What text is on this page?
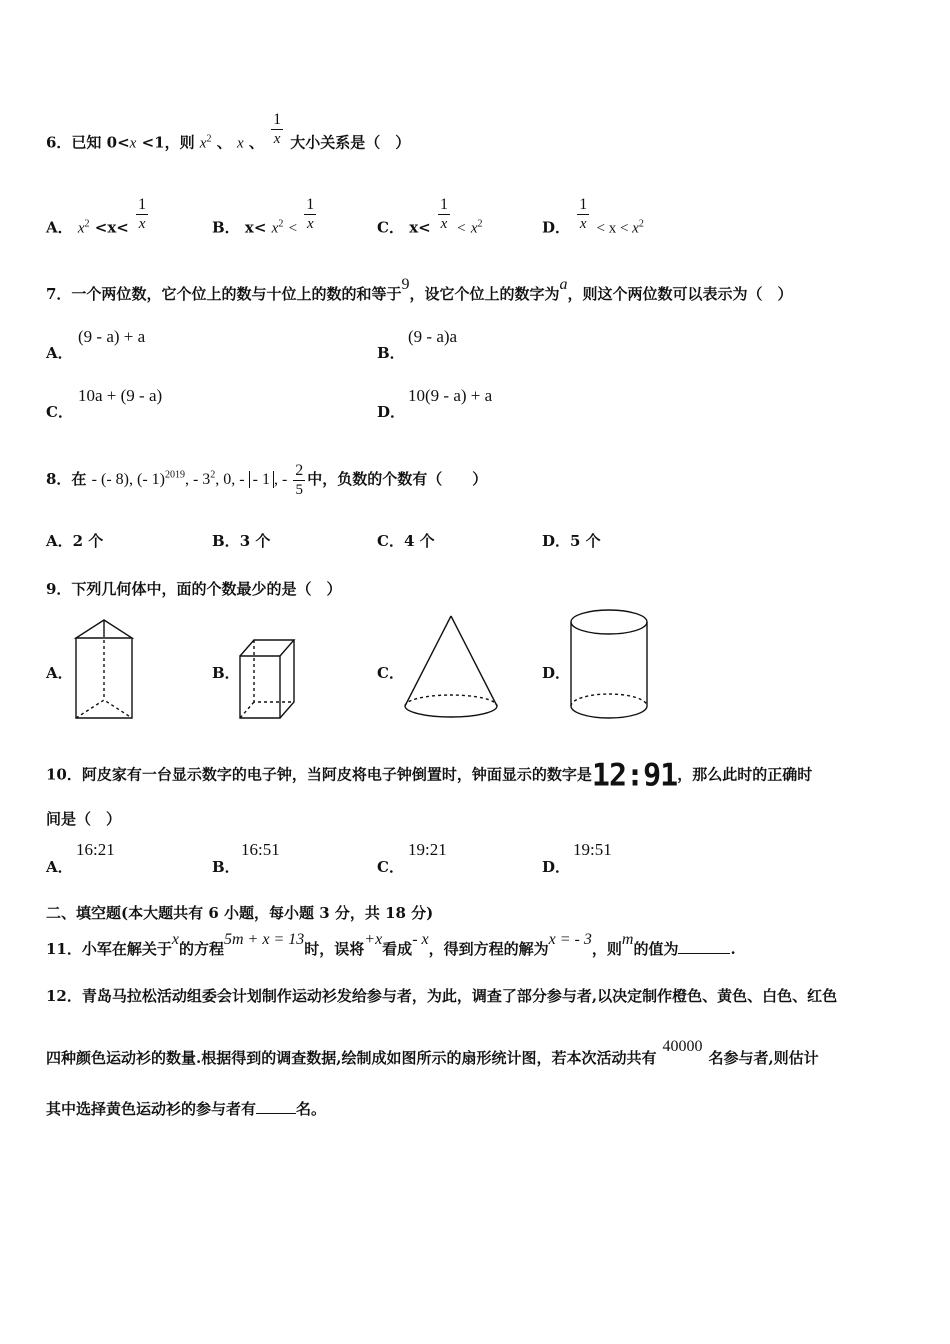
6．已知 0<x <1，则 $x^2$ 、 x 、 $\frac{1}{x}$ 大小关系是（　）
A． $x^2 <x< \frac{1}{x}$	B． $x< x^2 < \frac{1}{x}$	C． $x< \frac{1}{x} < x^2$	D． $\frac{1}{x} < x < x^2$
7．一个两位数，它个位上的数与十位上的数的和等于9，设它个位上的数字为a，则这个两位数可以表示为（　）
A．
(9 - a) + a
B．
(9 - a)a
C．
10a + (9 - a)
D．
10(9 - a) + a
8．在 - (- 8), (- 1)$^{2019}$, - $3^2$, 0, - - 1 , - $\frac{2}{5}$ 中，负数的个数有（　　）
A．2 个	B．3 个	C．4 个	D．5 个
9．下列几何体中，面的个数最少的是（　）
A．	B．	C．	D．
10．阿皮家有一台显示数字的电子钟，当阿皮将电子钟倒置时，钟面显示的数字是12:91，那么此时的正确时
间是（　）
A．
16:21
B．
16:51
C．
19:21
D．
19:51
二、填空题(本大题共有 6 小题，每小题 3 分，共 18 分)
11．小军在解关于x的方程5m + x = 13时，误将+x看成- x，得到方程的解为x = - 3，则m的值为	.
12．青岛马拉松活动组委会计划制作运动衫发给参与者，为此，调查了部分参与者,以决定制作橙色、黄色、白色、红色
四种颜色运动衫的数量.根据得到的调查数据,绘制成如图所示的扇形统计图，若本次活动共有40000名参与者,则估计
其中选择黄色运动衫的参与者有	名。
